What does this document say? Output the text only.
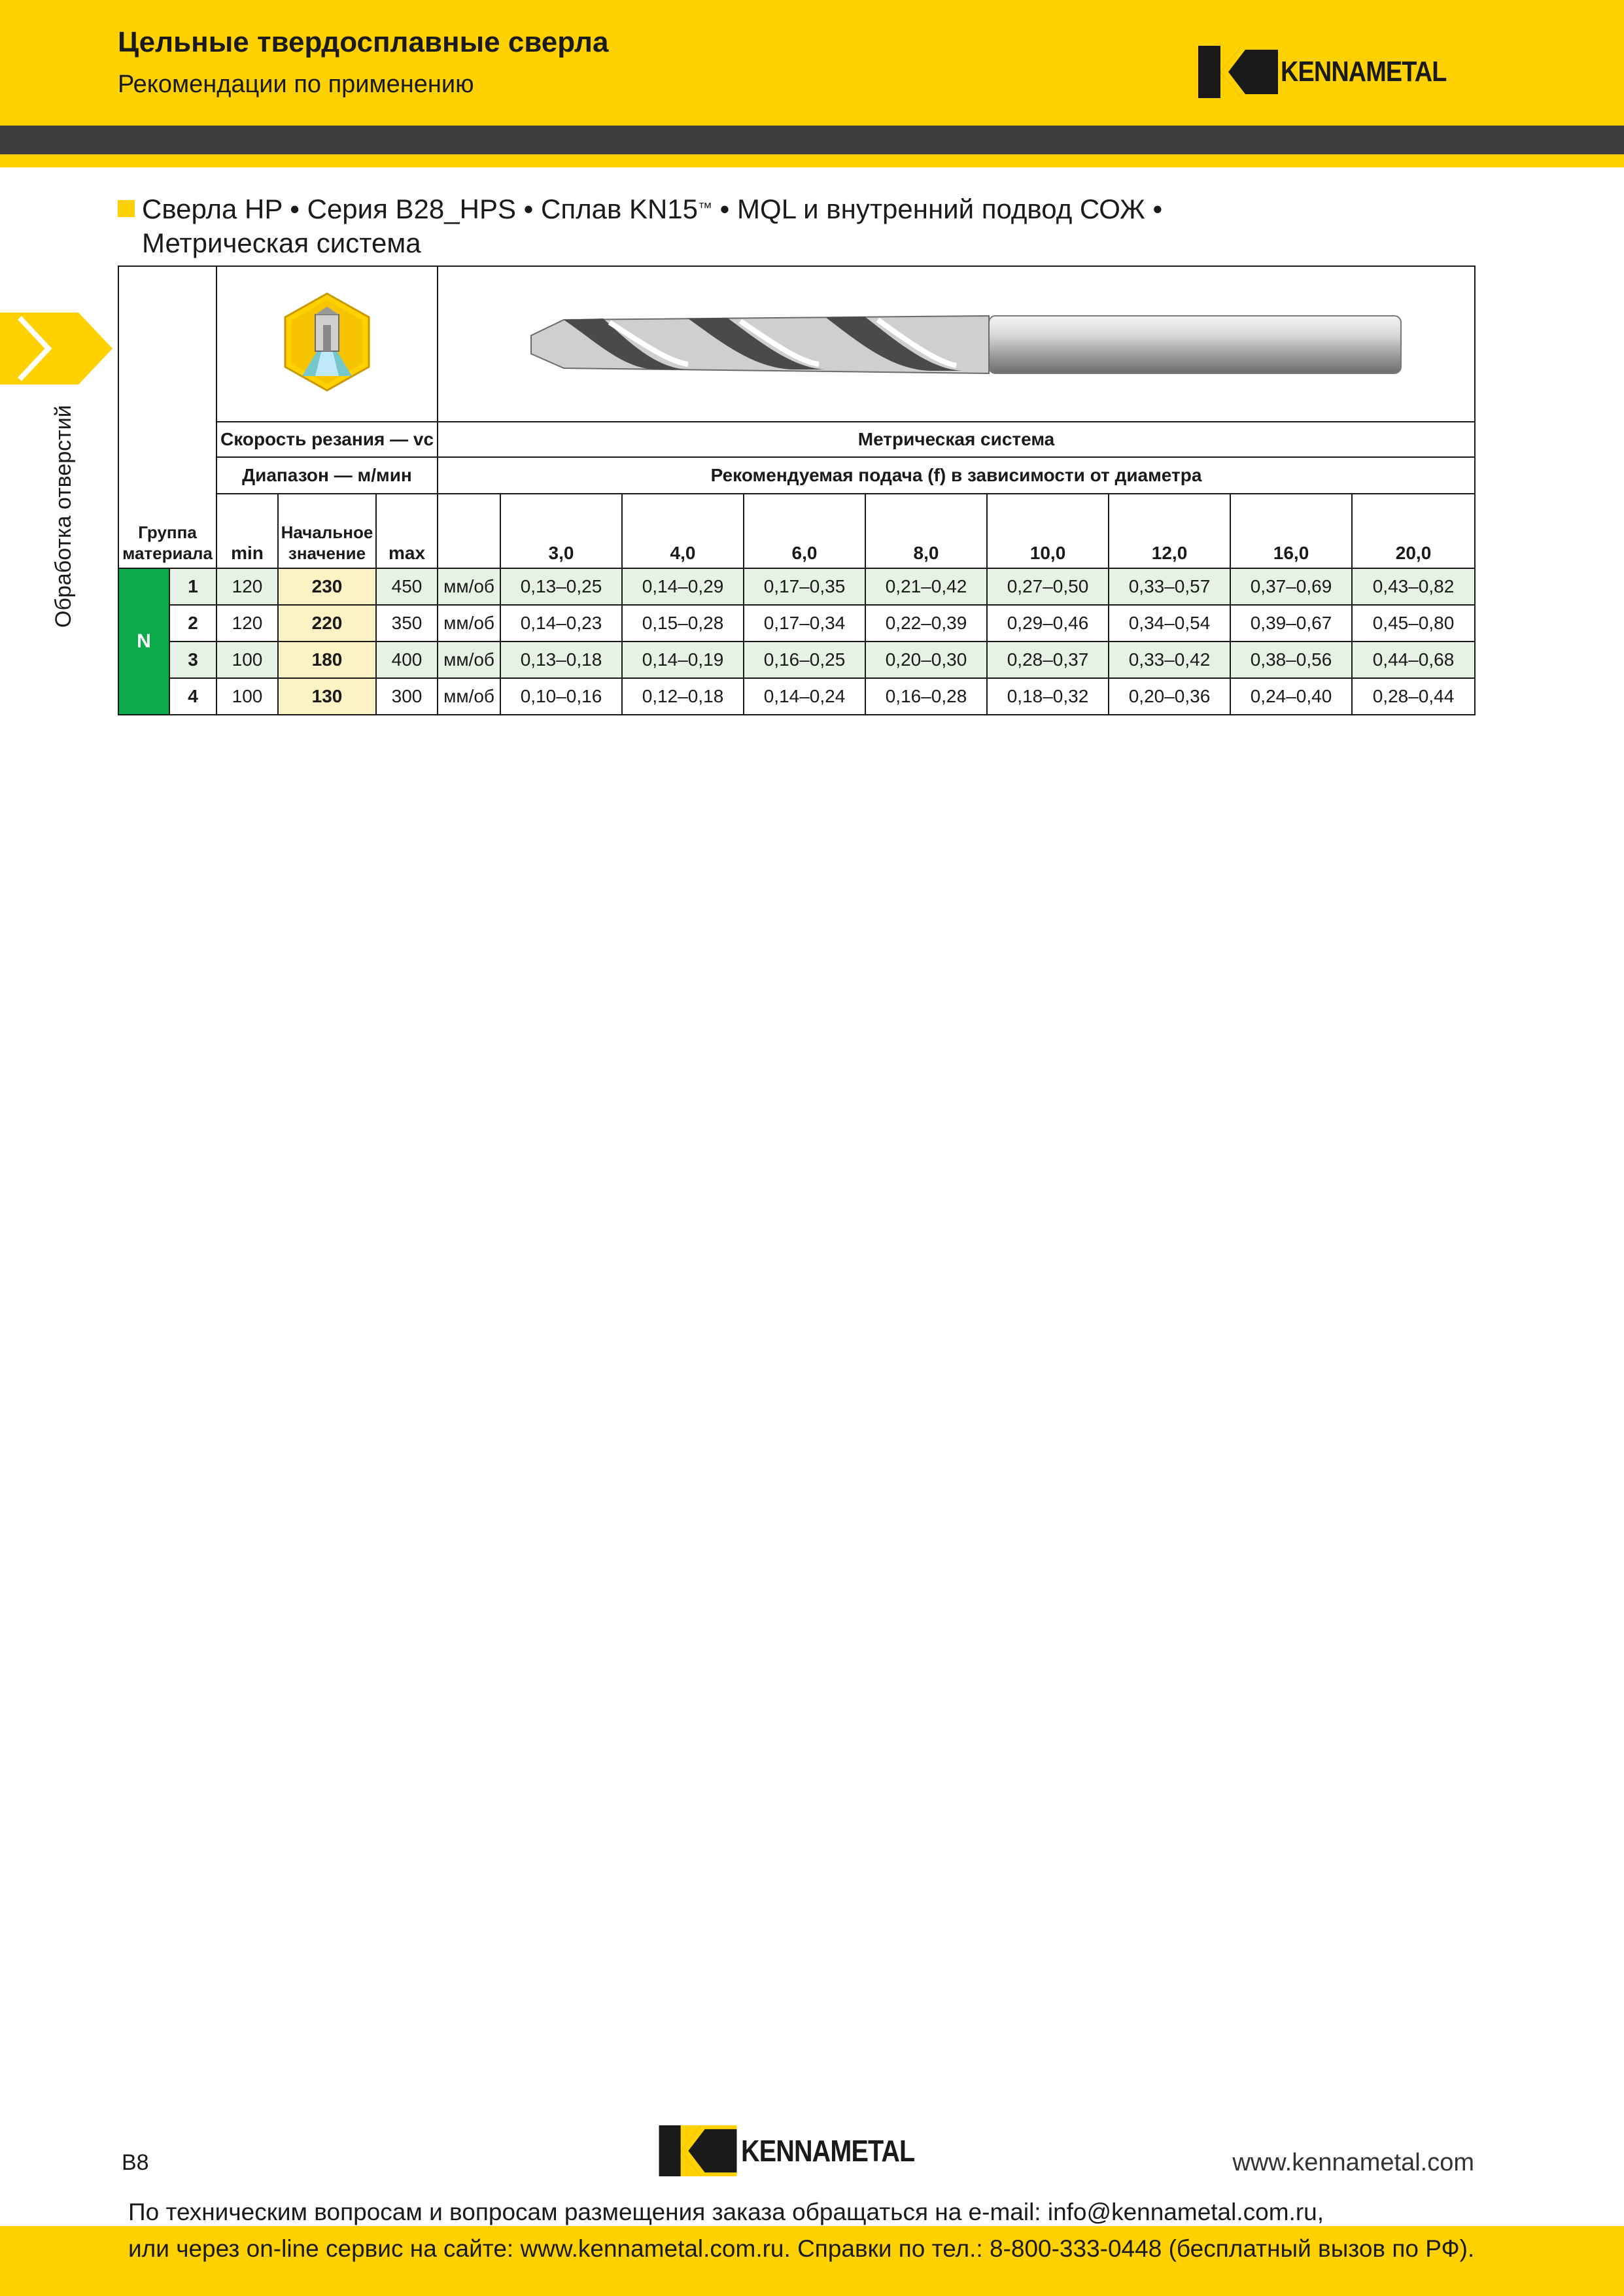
Цельные твердосплавные сверла
Рекомендации по применению	KENNAMETAL
Обработка отверстий
Сверла HP • Серия B28_HPS • Сплав KN15™ • MQL и внутренний подвод СОЖ •
Метрическая система
Группа материала

		Скорость резания — vc			Метрическая система								
		Диапазон — м/мин			Рекомендуемая подача (f) в зависимости от диаметра								
		min	Начальное значение	max		3,0	4,0	6,0	8,0	10,0	12,0	16,0	20,0
N	1	120	230	450	мм/об	0,13–0,25	0,14–0,29	0,17–0,35	0,21–0,42	0,27–0,50	0,33–0,57	0,37–0,69	0,43–0,82
	2	120	220	350	мм/об	0,14–0,23	0,15–0,28	0,17–0,34	0,22–0,39	0,29–0,46	0,34–0,54	0,39–0,67	0,45–0,80
	3	100	180	400	мм/об	0,13–0,18	0,14–0,19	0,16–0,25	0,20–0,30	0,28–0,37	0,33–0,42	0,38–0,56	0,44–0,68
	4	100	130	300	мм/об	0,10–0,16	0,12–0,18	0,14–0,24	0,16–0,28	0,18–0,32	0,20–0,36	0,24–0,40	0,28–0,44
B8	KENNAMETAL	www.kennametal.com
По техническим вопросам и вопросам размещения заказа обращаться на e-mail: info@kennametal.com.ru,
или через on-line сервис на сайте: www.kennametal.com.ru. Справки по тел.: 8-800-333-0448 (бесплатный вызов по РФ).
